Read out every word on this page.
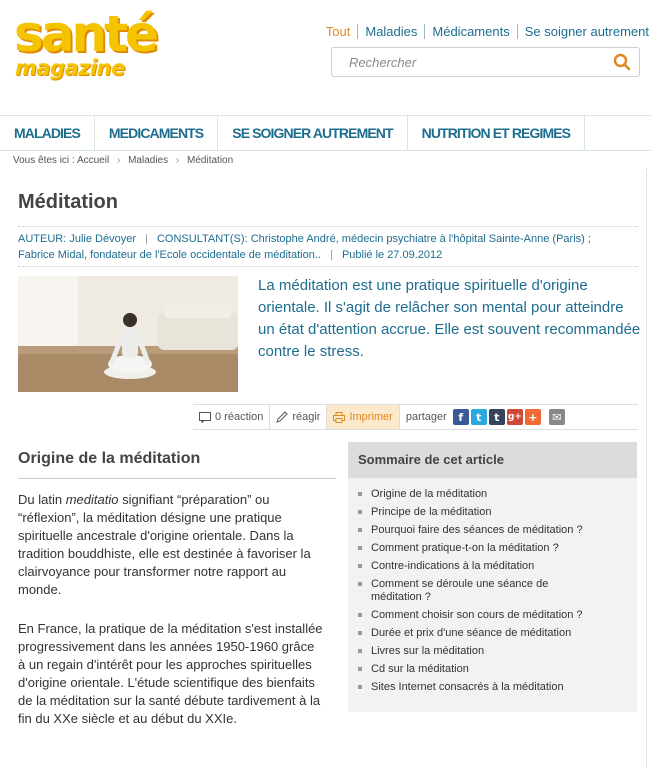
santé
magazine
Tout	Maladies	Médicaments	Se soigner autrement
Rechercher
MALADIES	MEDICAMENTS	SE SOIGNER AUTREMENT	NUTRITION ET REGIMES
Vous êtes ici : Accueil › Maladies › Méditation
Méditation
AUTEUR: Julie Dévoyer | CONSULTANT(S): Christophe André, médecin psychiatre à l'hôpital Sainte-Anne (Paris) ;
Fabrice Midal, fondateur de l'Ecole occidentale de méditation.. | Publié le 27.09.2012

La méditation est une pratique spirituelle d'origine orientale. Il s'agit de relâcher son mental pour atteindre un état d'attention accrue. Elle est souvent recommandée contre le stress.

0 réaction	réagir	Imprimer partager	f	t	t g+ +	✉
Origine de la méditation

Du latin meditatio signifiant “préparation” ou “réflexion”, la méditation désigne une pratique spirituelle ancestrale d'origine orientale. Dans la tradition bouddhiste, elle est destinée à favoriser la clairvoyance pour transformer notre rapport au monde.

En France, la pratique de la méditation s'est installée progressivement dans les années 1950-1960 grâce à un regain d'intérêt pour les approches spirituelles d'origine orientale. L'étude scientifique des bienfaits de la méditation sur la santé débute tardivement à la fin du XXe siècle et au début du XXIe.

Sommaire de cet article
Origine de la méditation
Principe de la méditation
Pourquoi faire des séances de méditation ?
Comment pratique-t-on la méditation ?
Contre-indications à la méditation
Comment se déroule une séance de méditation ?
Comment choisir son cours de méditation ?
Durée et prix d'une séance de méditation
Livres sur la méditation
Cd sur la méditation
Sites Internet consacrés à la méditation
